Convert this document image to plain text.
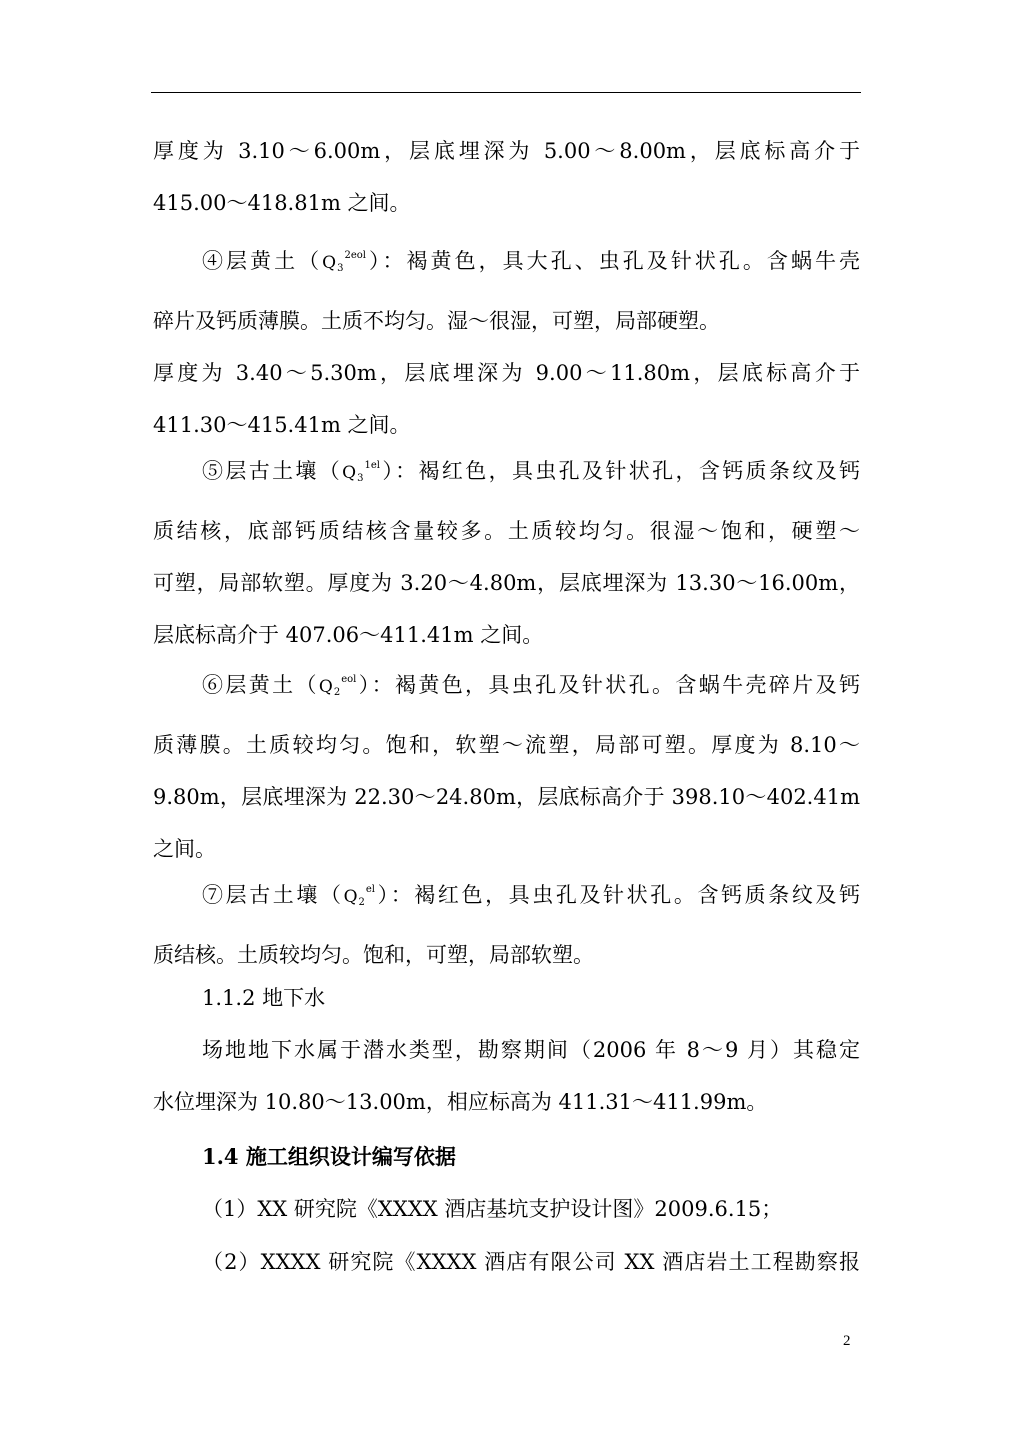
厚度为 3.10～6.00m，层底埋深为 5.00～8.00m，层底标高介于
415.00～418.81m 之间。
④层黄土$(Q_3^{2eol})$：褐黄色，具大孔、虫孔及针状孔。含蜗牛壳
碎片及钙质薄膜。土质不均匀。湿～很湿，可塑，局部硬塑。
厚度为 3.40～5.30m，层底埋深为 9.00～11.80m，层底标高介于
411.30～415.41m 之间。
⑤层古土壤$(Q_3^{1el})$：褐红色，具虫孔及针状孔，含钙质条纹及钙
质结核，底部钙质结核含量较多。土质较均匀。很湿～饱和，硬塑～
可塑，局部软塑。厚度为 3.20～4.80m，层底埋深为 13.30～16.00m，
层底标高介于 407.06～411.41m 之间。
⑥层黄土$(Q_2^{eol})$：褐黄色，具虫孔及针状孔。含蜗牛壳碎片及钙
质薄膜。土质较均匀。饱和，软塑～流塑，局部可塑。厚度为 8.10～
9.80m，层底埋深为 22.30～24.80m，层底标高介于 398.10～402.41m
之间。
⑦层古土壤$(Q_2^{el})$：褐红色，具虫孔及针状孔。含钙质条纹及钙
质结核。土质较均匀。饱和，可塑，局部软塑。
1.1.2 地下水
场地地下水属于潜水类型，勘察期间（2006 年 8～9 月）其稳定
水位埋深为 10.80～13.00m，相应标高为 411.31～411.99m。
1.4 施工组织设计编写依据
（1）XX 研究院《XXXX 酒店基坑支护设计图》2009.6.15；
（2）XXXX 研究院《XXXX 酒店有限公司 XX 酒店岩土工程勘察报
2
